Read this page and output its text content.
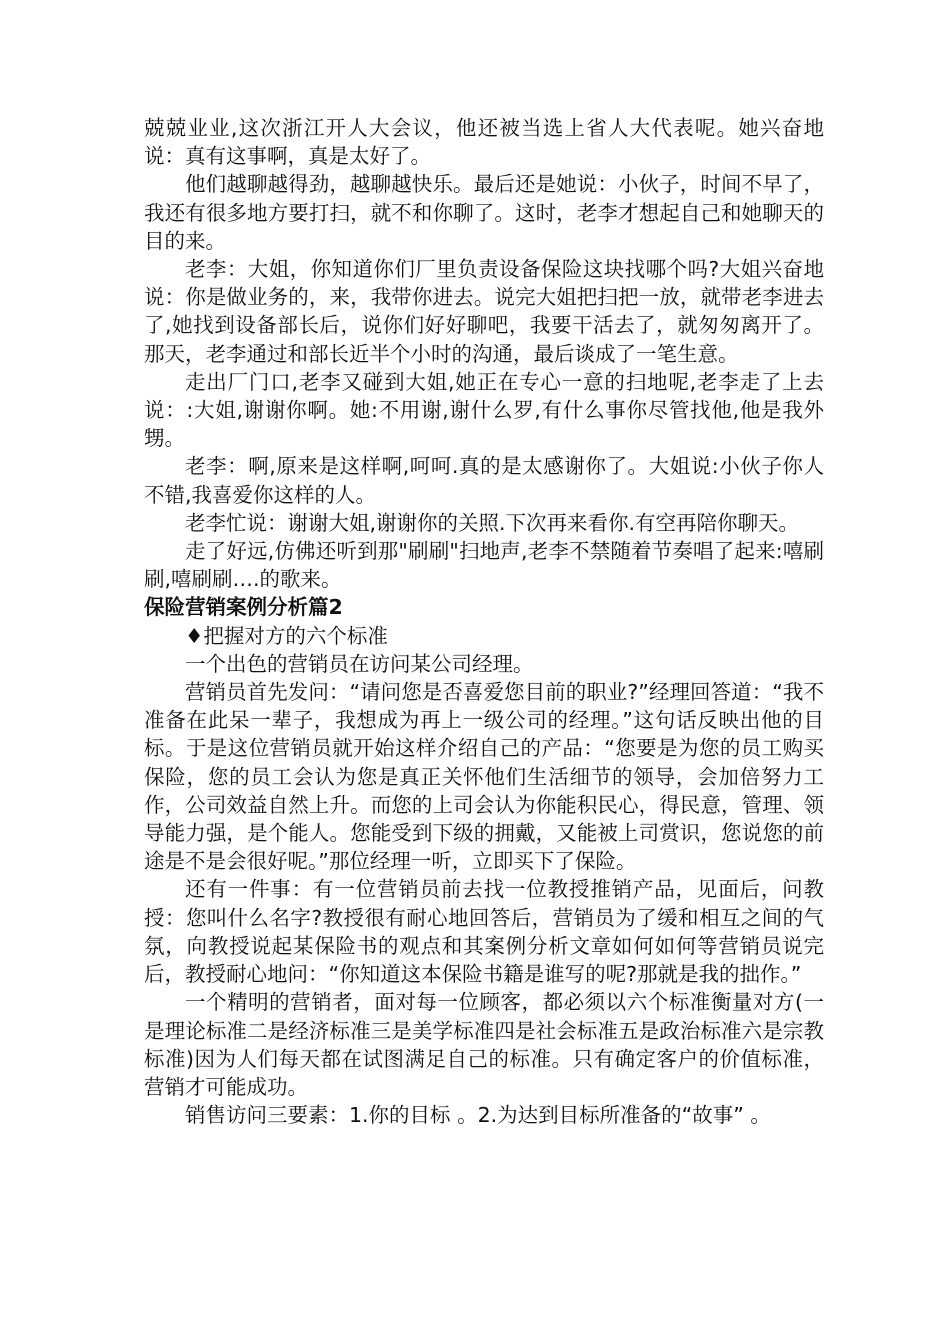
兢兢业业,这次浙江开人大会议，他还被当选上省人大代表呢。她兴奋地说：真有这事啊，真是太好了。

他们越聊越得劲，越聊越快乐。最后还是她说：小伙子，时间不早了，我还有很多地方要打扫，就不和你聊了。这时，老李才想起自己和她聊天的目的来。

老李：大姐，你知道你们厂里负责设备保险这块找哪个吗?大姐兴奋地说：你是做业务的，来，我带你进去。说完大姐把扫把一放，就带老李进去了,她找到设备部长后，说你们好好聊吧，我要干活去了，就匆匆离开了。那天，老李通过和部长近半个小时的沟通，最后谈成了一笔生意。

走出厂门口,老李又碰到大姐,她正在专心一意的扫地呢,老李走了上去说：:大姐,谢谢你啊。她:不用谢,谢什么罗,有什么事你尽管找他,他是我外甥。

老李：啊,原来是这样啊,呵呵.真的是太感谢你了。大姐说:小伙子你人不错,我喜爱你这样的人。

老李忙说：谢谢大姐,谢谢你的关照.下次再来看你.有空再陪你聊天。

走了好远,仿佛还听到那"刷刷"扫地声,老李不禁随着节奏唱了起来:嘻刷刷,嘻刷刷….的歌来。

保险营销案例分析篇2

♦把握对方的六个标准

一个出色的营销员在访问某公司经理。

营销员首先发问：“请问您是否喜爱您目前的职业?”经理回答道：“我不准备在此呆一辈子，我想成为再上一级公司的经理。”这句话反映出他的目标。于是这位营销员就开始这样介绍自己的产品：“您要是为您的员工购买保险，您的员工会认为您是真正关怀他们生活细节的领导，会加倍努力工作，公司效益自然上升。而您的上司会认为你能积民心，得民意，管理、领导能力强，是个能人。您能受到下级的拥戴，又能被上司赏识，您说您的前途是不是会很好呢。”那位经理一听，立即买下了保险。

还有一件事：有一位营销员前去找一位教授推销产品，见面后，问教授：您叫什么名字?教授很有耐心地回答后，营销员为了缓和相互之间的气氛，向教授说起某保险书的观点和其案例分析文章如何如何等营销员说完后，教授耐心地问：“你知道这本保险书籍是谁写的呢?那就是我的拙作。”

一个精明的营销者，面对每一位顾客，都必须以六个标准衡量对方(一是理论标准二是经济标准三是美学标准四是社会标准五是政治标准六是宗教标准)因为人们每天都在试图满足自己的标准。只有确定客户的价值标准，营销才可能成功。

销售访问三要素：1.你的目标 。2.为达到目标所准备的“故事” 。
